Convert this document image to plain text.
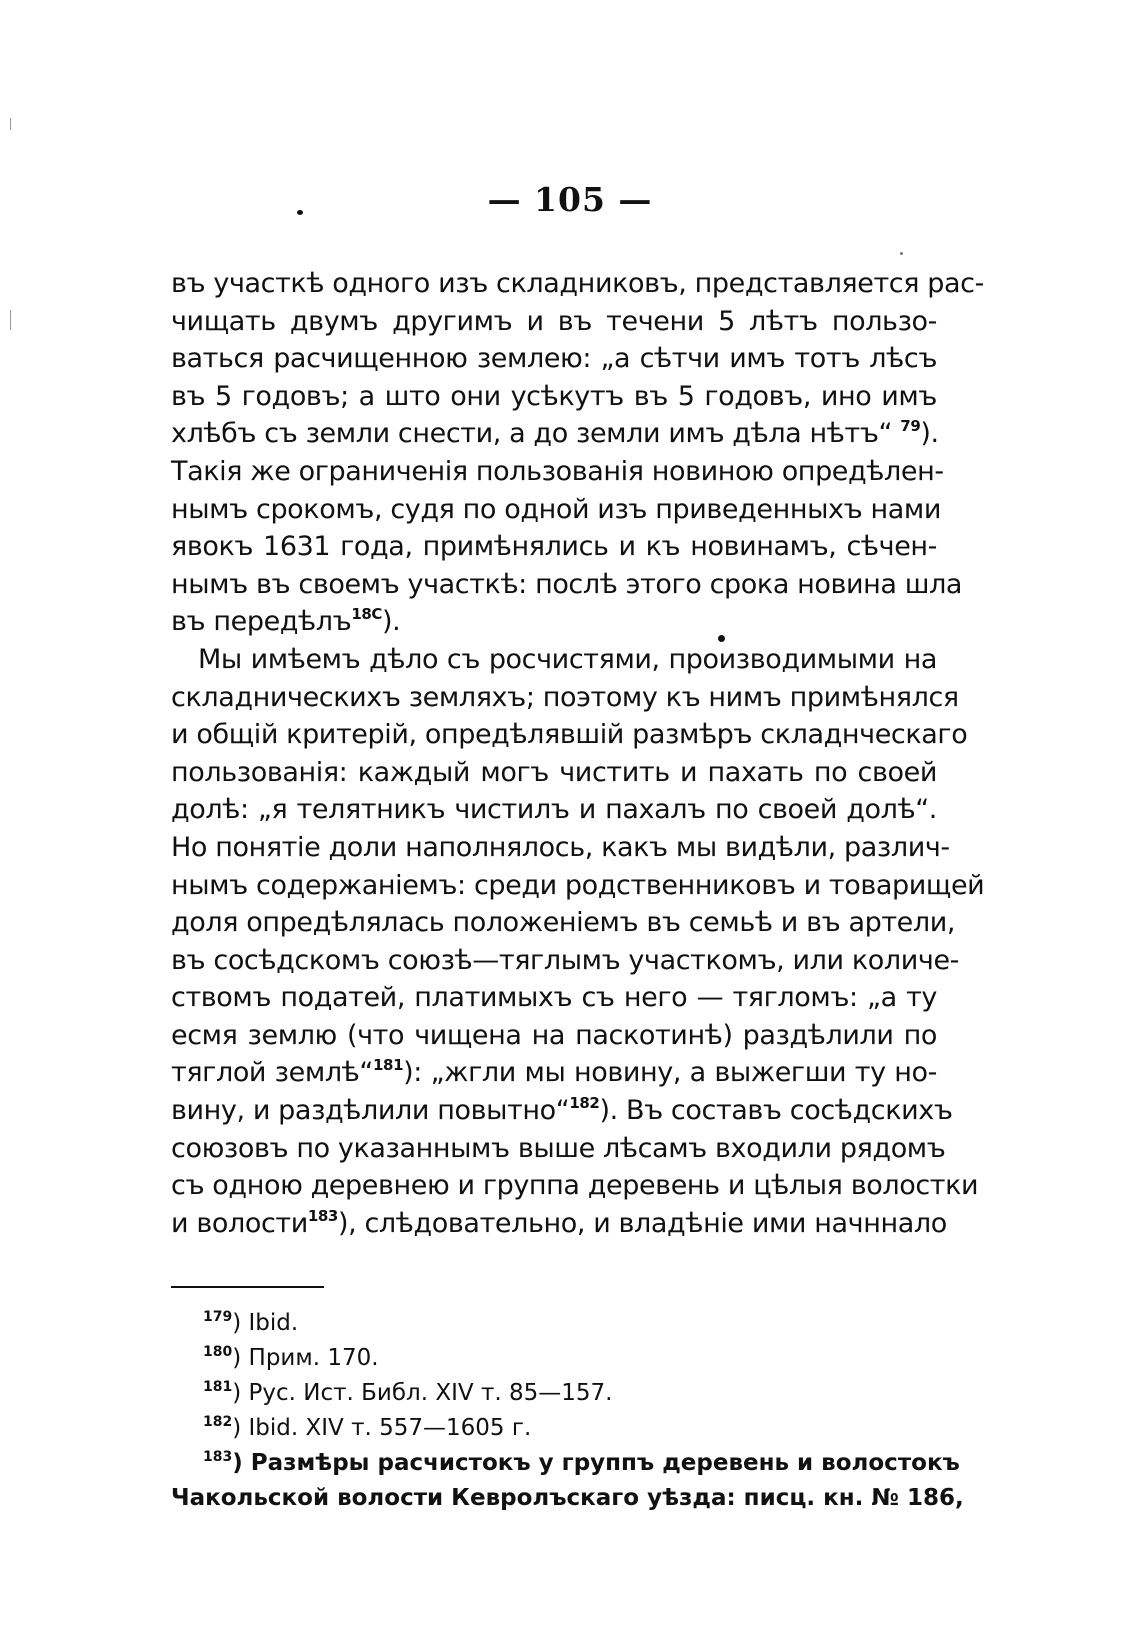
— 105 —
въ участкѣ одного изъ складниковъ, представляется рас-
чищать двумъ другимъ и въ течени 5 лѣтъ пользо-
ваться расчищенною землею: „а сѣтчи имъ тотъ лѣсъ
въ 5 годовъ; а што они усѣкутъ въ 5 годовъ, ино имъ
хлѣбъ съ земли снести, а до земли имъ дѣла нѣтъ“ $^{79}$).
Такія же ограниченія пользованія новиною опредѣлен-
нымъ срокомъ, судя по одной изъ приведенныхъ нами
явокъ 1631 года, примѣнялись и къ новинамъ, сѣчен-
нымъ въ своемъ участкѣ: послѣ этого срока новина шла
въ передѣлъ$^{18С}$).
Мы имѣемъ дѣло съ росчистями, производимыми на
складническихъ земляхъ; поэтому къ нимъ примѣнялся
и общій критерій, опредѣлявшій размѣръ складнческаго
пользованія: каждый могъ чистить и пахать по своей
долѣ: „я телятникъ чистилъ и пахалъ по своей долѣ“.
Но понятіе доли наполнялось, какъ мы видѣли, различ-
нымъ содержаніемъ: среди родственниковъ и товарищей
доля опредѣлялась положеніемъ въ семьѣ и въ артели,
въ сосѣдскомъ союзѣ—тяглымъ участкомъ, или количе-
ствомъ податей, платимыхъ съ него — тягломъ: „а ту
есмя землю (что чищена на паскотинѣ) раздѣлили по
тяглой землѣ“$^{181}$): „жгли мы новину, а выжегши ту но-
вину, и раздѣлили повытно“$^{182}$). Въ составъ сосѣдскихъ
союзовъ по указаннымъ выше лѣсамъ входили рядомъ
съ одною деревнею и группа деревень и цѣлыя волостки
и волости$^{183}$), слѣдовательно, и владѣніе ими начннало
$^{179}$) Ibid.
$^{180}$) Прим. 170.
$^{181}$) Рус. Ист. Библ. XIV т. 85—157.
$^{182}$) Ibid. XIV т. 557—1605 г.
$^{183}$) Размѣры расчистокъ у группъ деревень и волостокъ
Чакольской волости Кевролъскаго уѣзда: писц. кн. № 186,
